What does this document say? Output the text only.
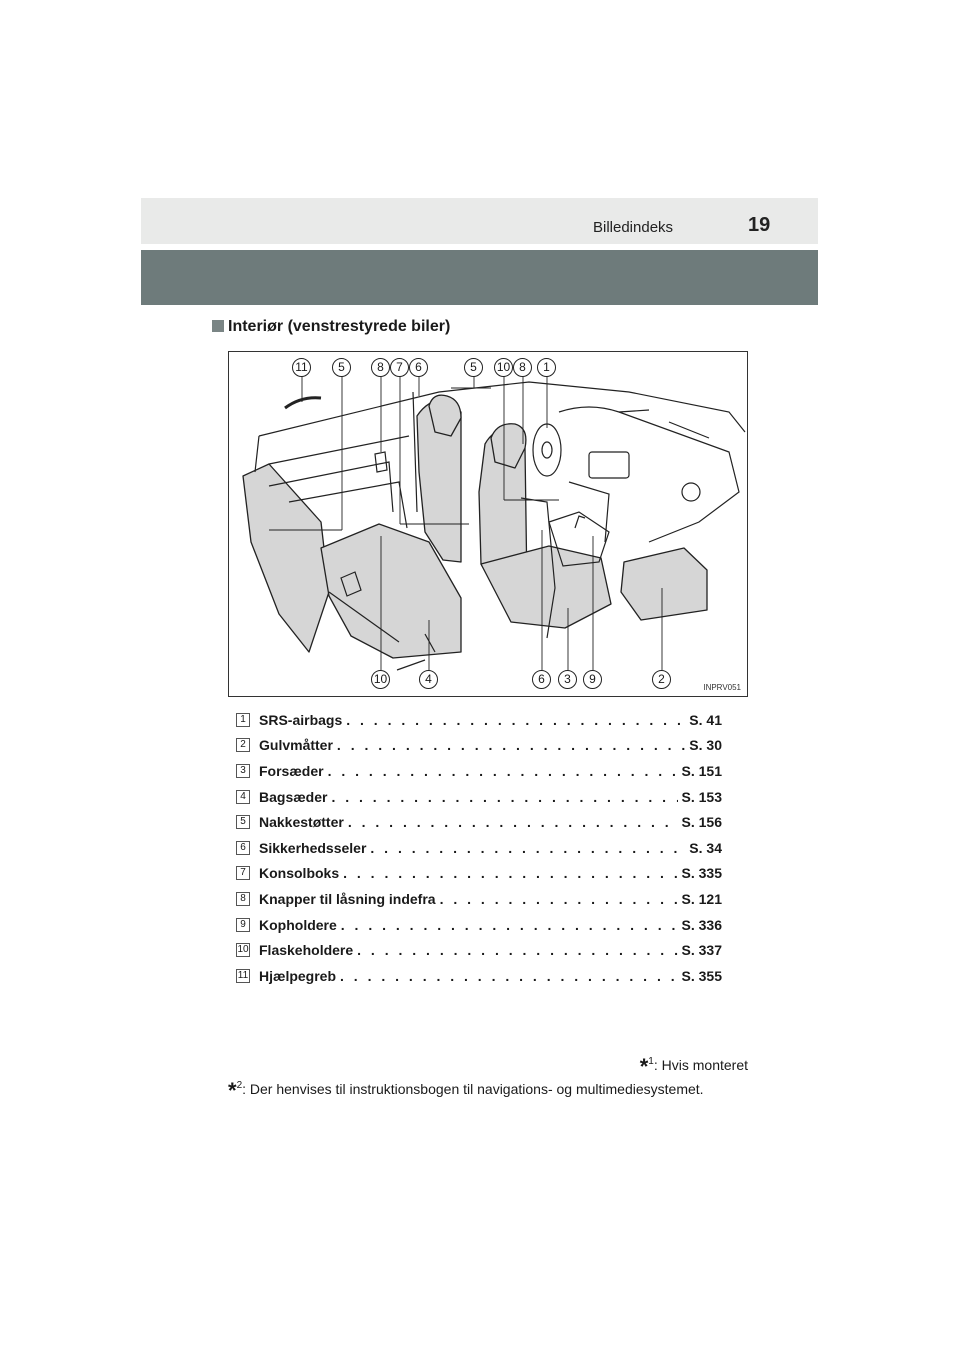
Billedindeks	19
Interiør (venstrestyrede biler)
11	5	8	7	6	5	10 8	1
10	4	6	3	9	2
INPRV051
1 SRS-airbags . . .	S. 41
2 Gulvmåtter . . .	S. 30
3 Forsæder . . .	S. 151
4 Bagsæder . . .	S. 153
5 Nakkestøtter . . .	S. 156
6 Sikkerhedsseler . . .	S. 34
7 Konsolboks . . .	S. 335
8 Knapper til låsning indefra . . .	S. 121
9 Kopholdere . . .	S. 336
10 Flaskeholdere . . .	S. 337
11 Hjælpegreb . . .	S. 355
*$^1$: Hvis monteret
*$^2$: Der henvises til instruktionsbogen til navigations- og multimediesystemet.
